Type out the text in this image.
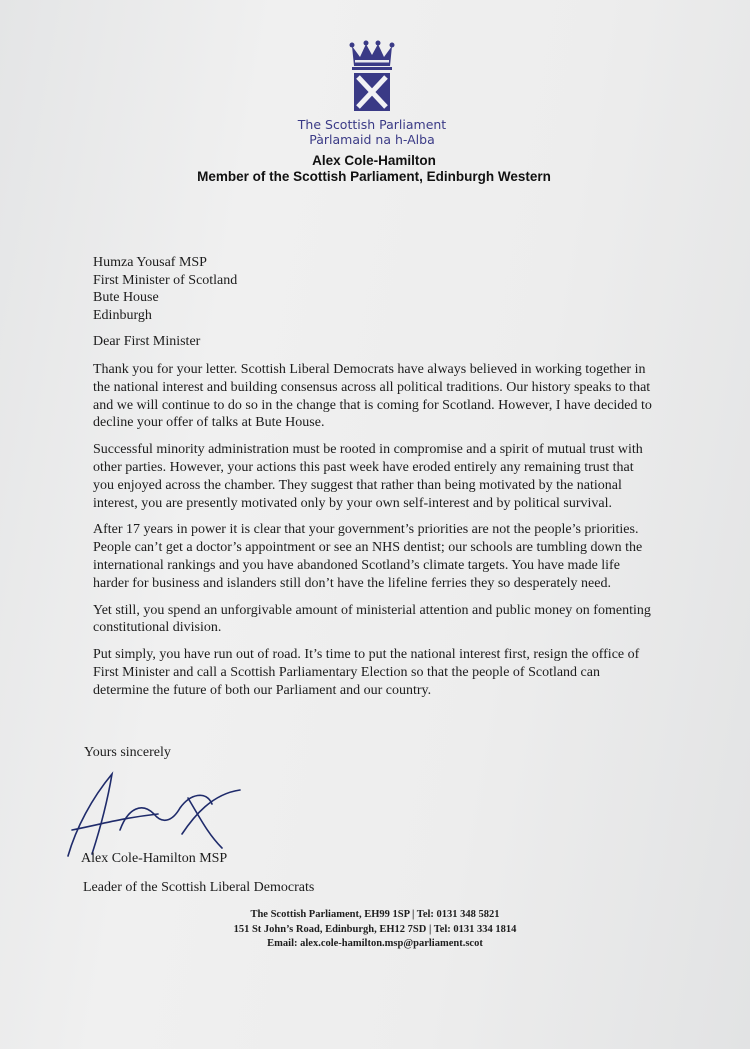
The Scottish Parliament
Pàrlamaid na h-Alba
Alex Cole-Hamilton
Member of the Scottish Parliament, Edinburgh Western
Humza Yousaf MSP
First Minister of Scotland
Bute House
Edinburgh
Dear First Minister

Thank you for your letter. Scottish Liberal Democrats have always believed in working together in the national interest and building consensus across all political traditions. Our history speaks to that and we will continue to do so in the change that is coming for Scotland. However, I have decided to decline your offer of talks at Bute House.

Successful minority administration must be rooted in compromise and a spirit of mutual trust with other parties. However, your actions this past week have eroded entirely any remaining trust that you enjoyed across the chamber. They suggest that rather than being motivated by the national interest, you are presently motivated only by your own self-interest and by political survival.

After 17 years in power it is clear that your government’s priorities are not the people’s priorities. People can’t get a doctor’s appointment or see an NHS dentist; our schools are tumbling down the international rankings and you have abandoned Scotland’s climate targets. You have made life harder for business and islanders still don’t have the lifeline ferries they so desperately need.

Yet still, you spend an unforgivable amount of ministerial attention and public money on fomenting constitutional division.

Put simply, you have run out of road. It’s time to put the national interest first, resign the office of First Minister and call a Scottish Parliamentary Election so that the people of Scotland can determine the future of both our Parliament and our country.

Yours sincerely
Alex Cole-Hamilton MSP
Leader of the Scottish Liberal Democrats
The Scottish Parliament, EH99 1SP | Tel: 0131 348 5821
151 St John’s Road, Edinburgh, EH12 7SD | Tel: 0131 334 1814
Email: alex.cole-hamilton.msp@parliament.scot
